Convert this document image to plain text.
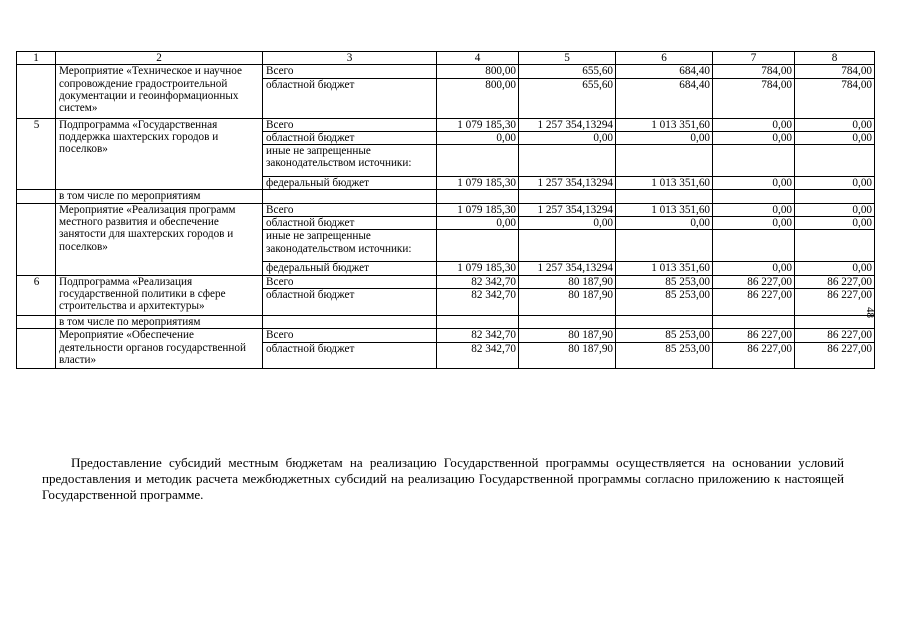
1	2	3	4	5	6	7	8
	Мероприятие «Техническое и научное сопровождение градостроительной документации и геоинформационных систем»	Всего	800,00	655,60	684,40	784,00	784,00
		областной бюджет	800,00	655,60	684,40	784,00	784,00
5	Подпрограмма «Государственная поддержка шахтерских городов и поселков»	Всего	1 079 185,30	1 257 354,13294	1 013 351,60	0,00	0,00
		областной бюджет	0,00	0,00	0,00	0,00	0,00
		иные не запрещенные законодательством источники:					
		федеральный бюджет	1 079 185,30	1 257 354,13294	1 013 351,60	0,00	0,00
	в том числе по мероприятиям						
	Мероприятие «Реализация программ местного развития и обеспечение занятости для шахтерских городов и поселков»	Всего	1 079 185,30	1 257 354,13294	1 013 351,60	0,00	0,00
		областной бюджет	0,00	0,00	0,00	0,00	0,00
		иные не запрещенные законодательством источники:					
		федеральный бюджет	1 079 185,30	1 257 354,13294	1 013 351,60	0,00	0,00
6	Подпрограмма «Реализация государственной политики в сфере строительства и архитектуры»	Всего	82 342,70	80 187,90	85 253,00	86 227,00	86 227,00
		областной бюджет	82 342,70	80 187,90	85 253,00	86 227,00	86 227,00
	в том числе по мероприятиям						
	Мероприятие «Обеспечение деятельности органов государственной власти»	Всего	82 342,70	80 187,90	85 253,00	86 227,00	86 227,00
		областной бюджет	82 342,70	80 187,90	85 253,00	86 227,00	86 227,00
48

Предоставление субсидий местным бюджетам на реализацию Государственной программы осуществляется на основании условий предоставления и методик расчета межбюджетных субсидий на реализацию Государственной программы согласно приложению к настоящей Государственной программе.
